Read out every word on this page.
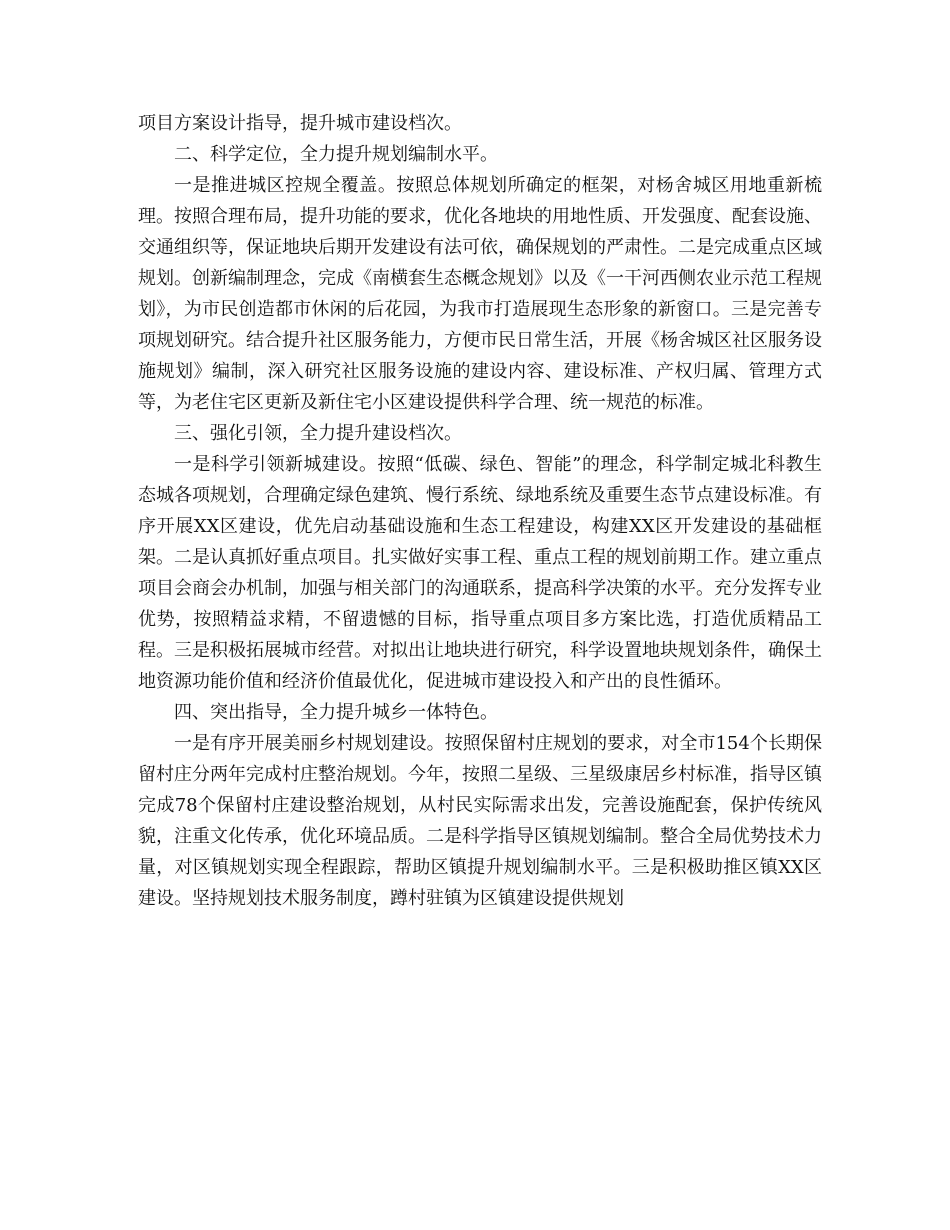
项目方案设计指导，提升城市建设档次。

二、科学定位，全力提升规划编制水平。

一是推进城区控规全覆盖。按照总体规划所确定的框架，对杨舍城区用地重新梳理。按照合理布局，提升功能的要求，优化各地块的用地性质、开发强度、配套设施、交通组织等，保证地块后期开发建设有法可依，确保规划的严肃性。二是完成重点区域规划。创新编制理念，完成《南横套生态概念规划》以及《一干河西侧农业示范工程规划》，为市民创造都市休闲的后花园，为我市打造展现生态形象的新窗口。三是完善专项规划研究。结合提升社区服务能力，方便市民日常生活，开展《杨舍城区社区服务设施规划》编制，深入研究社区服务设施的建设内容、建设标准、产权归属、管理方式等，为老住宅区更新及新住宅小区建设提供科学合理、统一规范的标准。

三、强化引领，全力提升建设档次。

一是科学引领新城建设。按照“低碳、绿色、智能”的理念，科学制定城北科教生态城各项规划，合理确定绿色建筑、慢行系统、绿地系统及重要生态节点建设标准。有序开展XX区建设，优先启动基础设施和生态工程建设，构建XX区开发建设的基础框架。二是认真抓好重点项目。扎实做好实事工程、重点工程的规划前期工作。建立重点项目会商会办机制，加强与相关部门的沟通联系，提高科学决策的水平。充分发挥专业优势，按照精益求精，不留遗憾的目标，指导重点项目多方案比选，打造优质精品工程。三是积极拓展城市经营。对拟出让地块进行研究，科学设置地块规划条件，确保土地资源功能价值和经济价值最优化，促进城市建设投入和产出的良性循环。

四、突出指导，全力提升城乡一体特色。

一是有序开展美丽乡村规划建设。按照保留村庄规划的要求，对全市154个长期保留村庄分两年完成村庄整治规划。今年，按照二星级、三星级康居乡村标准，指导区镇完成78个保留村庄建设整治规划，从村民实际需求出发，完善设施配套，保护传统风貌，注重文化传承，优化环境品质。二是科学指导区镇规划编制。整合全局优势技术力量，对区镇规划实现全程跟踪，帮助区镇提升规划编制水平。三是积极助推区镇XX区建设。坚持规划技术服务制度，蹲村驻镇为区镇建设提供规划
